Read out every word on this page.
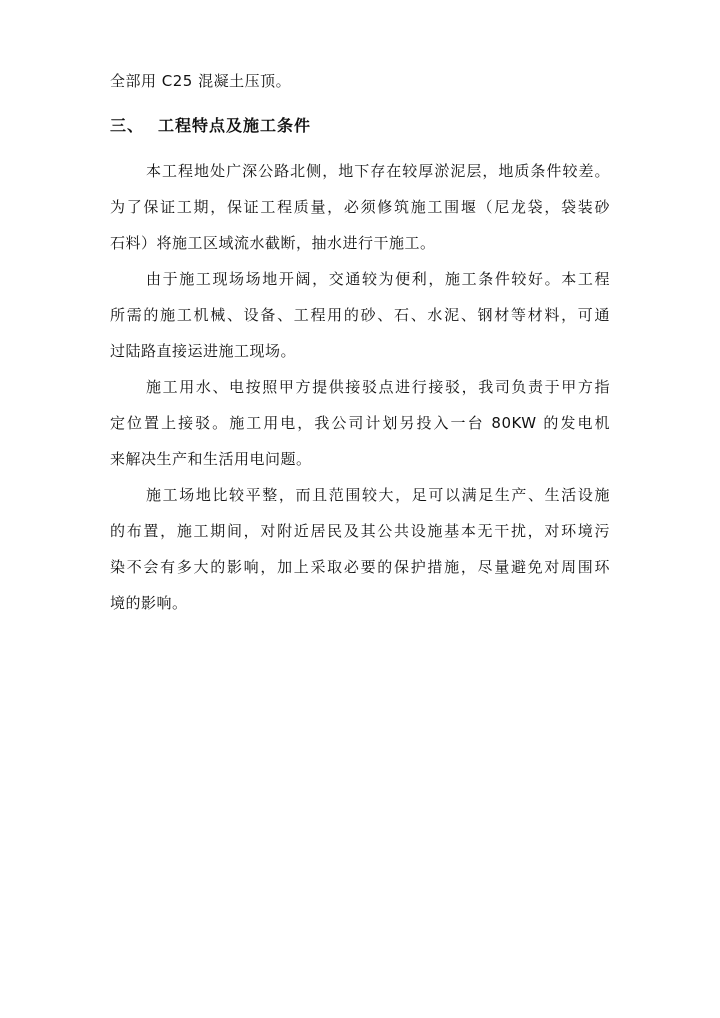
全部用 C25 混凝土压顶。
三、 工程特点及施工条件
本工程地处广深公路北侧，地下存在较厚淤泥层，地质条件较差。
为了保证工期，保证工程质量，必须修筑施工围堰（尼龙袋，袋装砂
石料）将施工区域流水截断，抽水进行干施工。
由于施工现场场地开阔，交通较为便利，施工条件较好。本工程
所需的施工机械、设备、工程用的砂、石、水泥、钢材等材料，可通
过陆路直接运进施工现场。
施工用水、电按照甲方提供接驳点进行接驳，我司负责于甲方指
定位置上接驳。施工用电，我公司计划另投入一台 80KW 的发电机
来解决生产和生活用电问题。
施工场地比较平整，而且范围较大，足可以满足生产、生活设施
的布置，施工期间，对附近居民及其公共设施基本无干扰，对环境污
染不会有多大的影响，加上采取必要的保护措施，尽量避免对周围环
境的影响。
